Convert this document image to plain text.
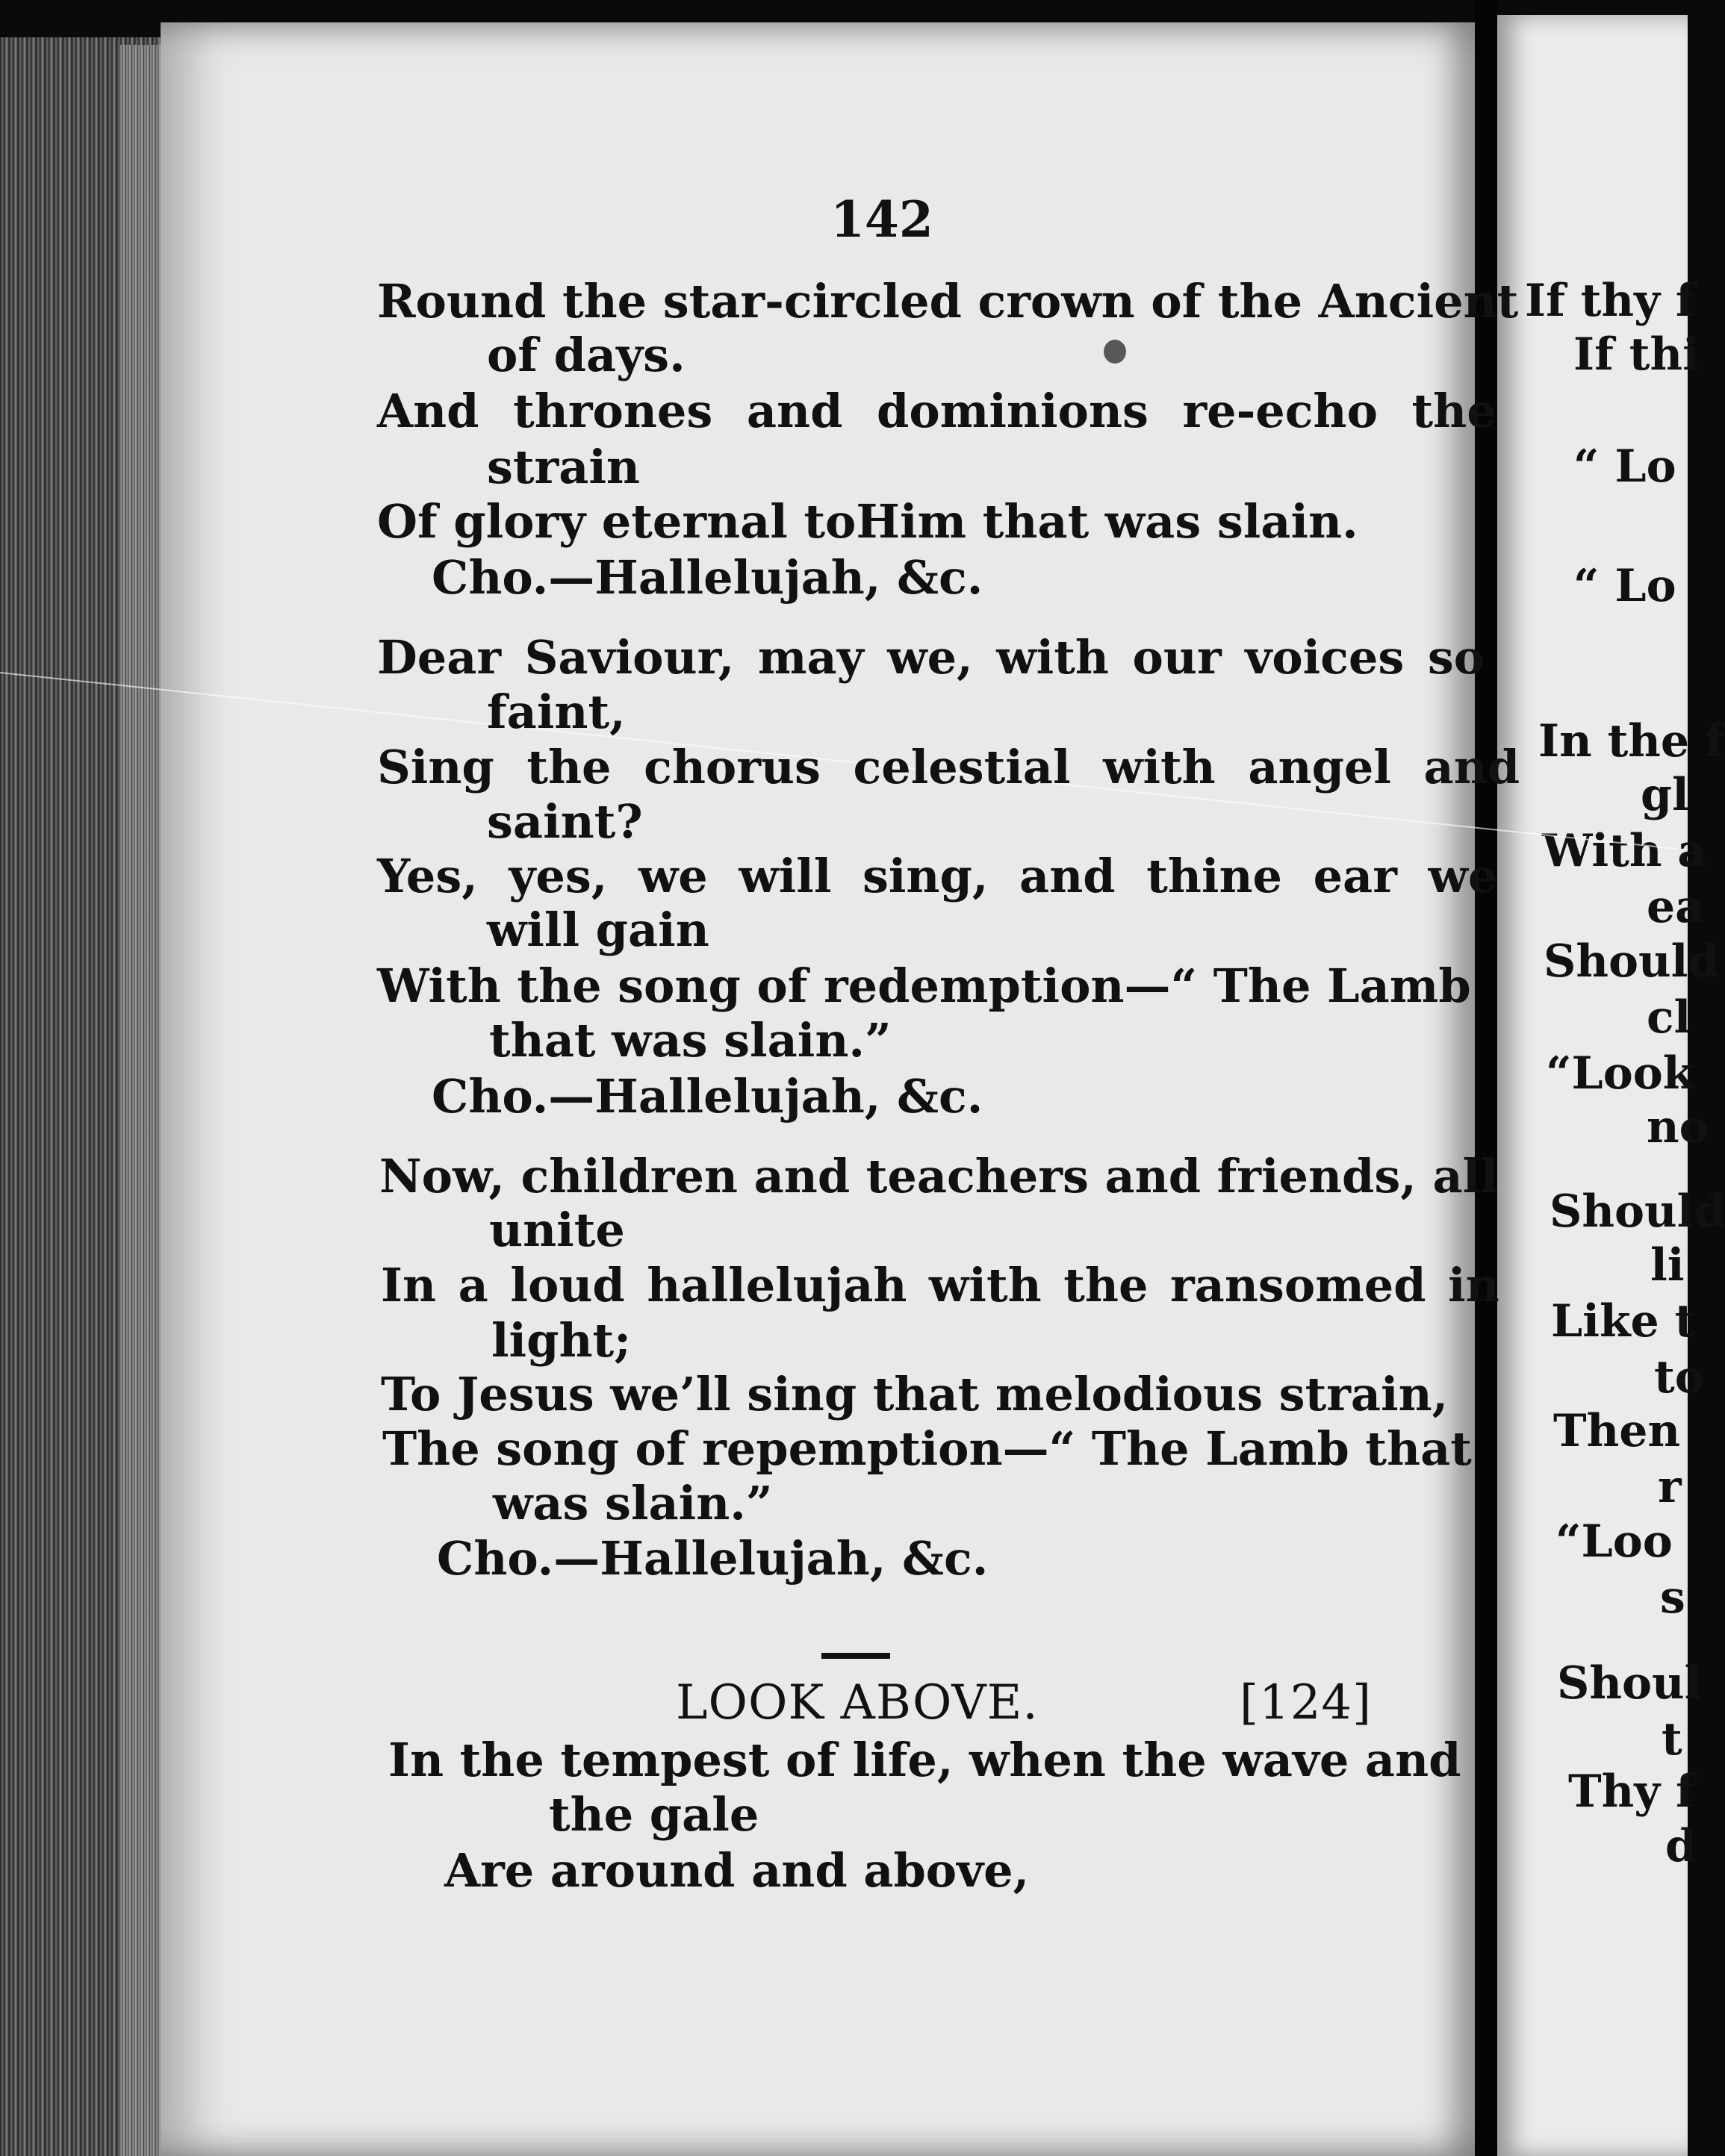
If thy f
If thi
“ Lo
“ Lo
In the f
gl
With a
ea
Should
cl
“Look
no
Should
li
Like t
to
Then
r
“Loo
s
Shoul
t
Thy f
d
142
Round the star-circled crown of the Ancient
of days.
And thrones and dominions re-echo the
strain
Of glory eternal toHim that was slain.
Cho.—Hallelujah, &c.
Dear Saviour, may we, with our voices so
faint,
Sing the chorus celestial with angel and
saint?
Yes, yes, we will sing, and thine ear we
will gain
With the song of redemption—“ The Lamb
that was slain.”
Cho.—Hallelujah, &c.
Now, children and teachers and friends, all
unite
In a loud hallelujah with the ransomed in
light;
To Jesus we’ll sing that melodious strain,
The song of repemption—“ The Lamb that
was slain.”
Cho.—Hallelujah, &c.
LOOK ABOVE.	[124]
In the tempest of life, when the wave and
the gale
Are around and above,
